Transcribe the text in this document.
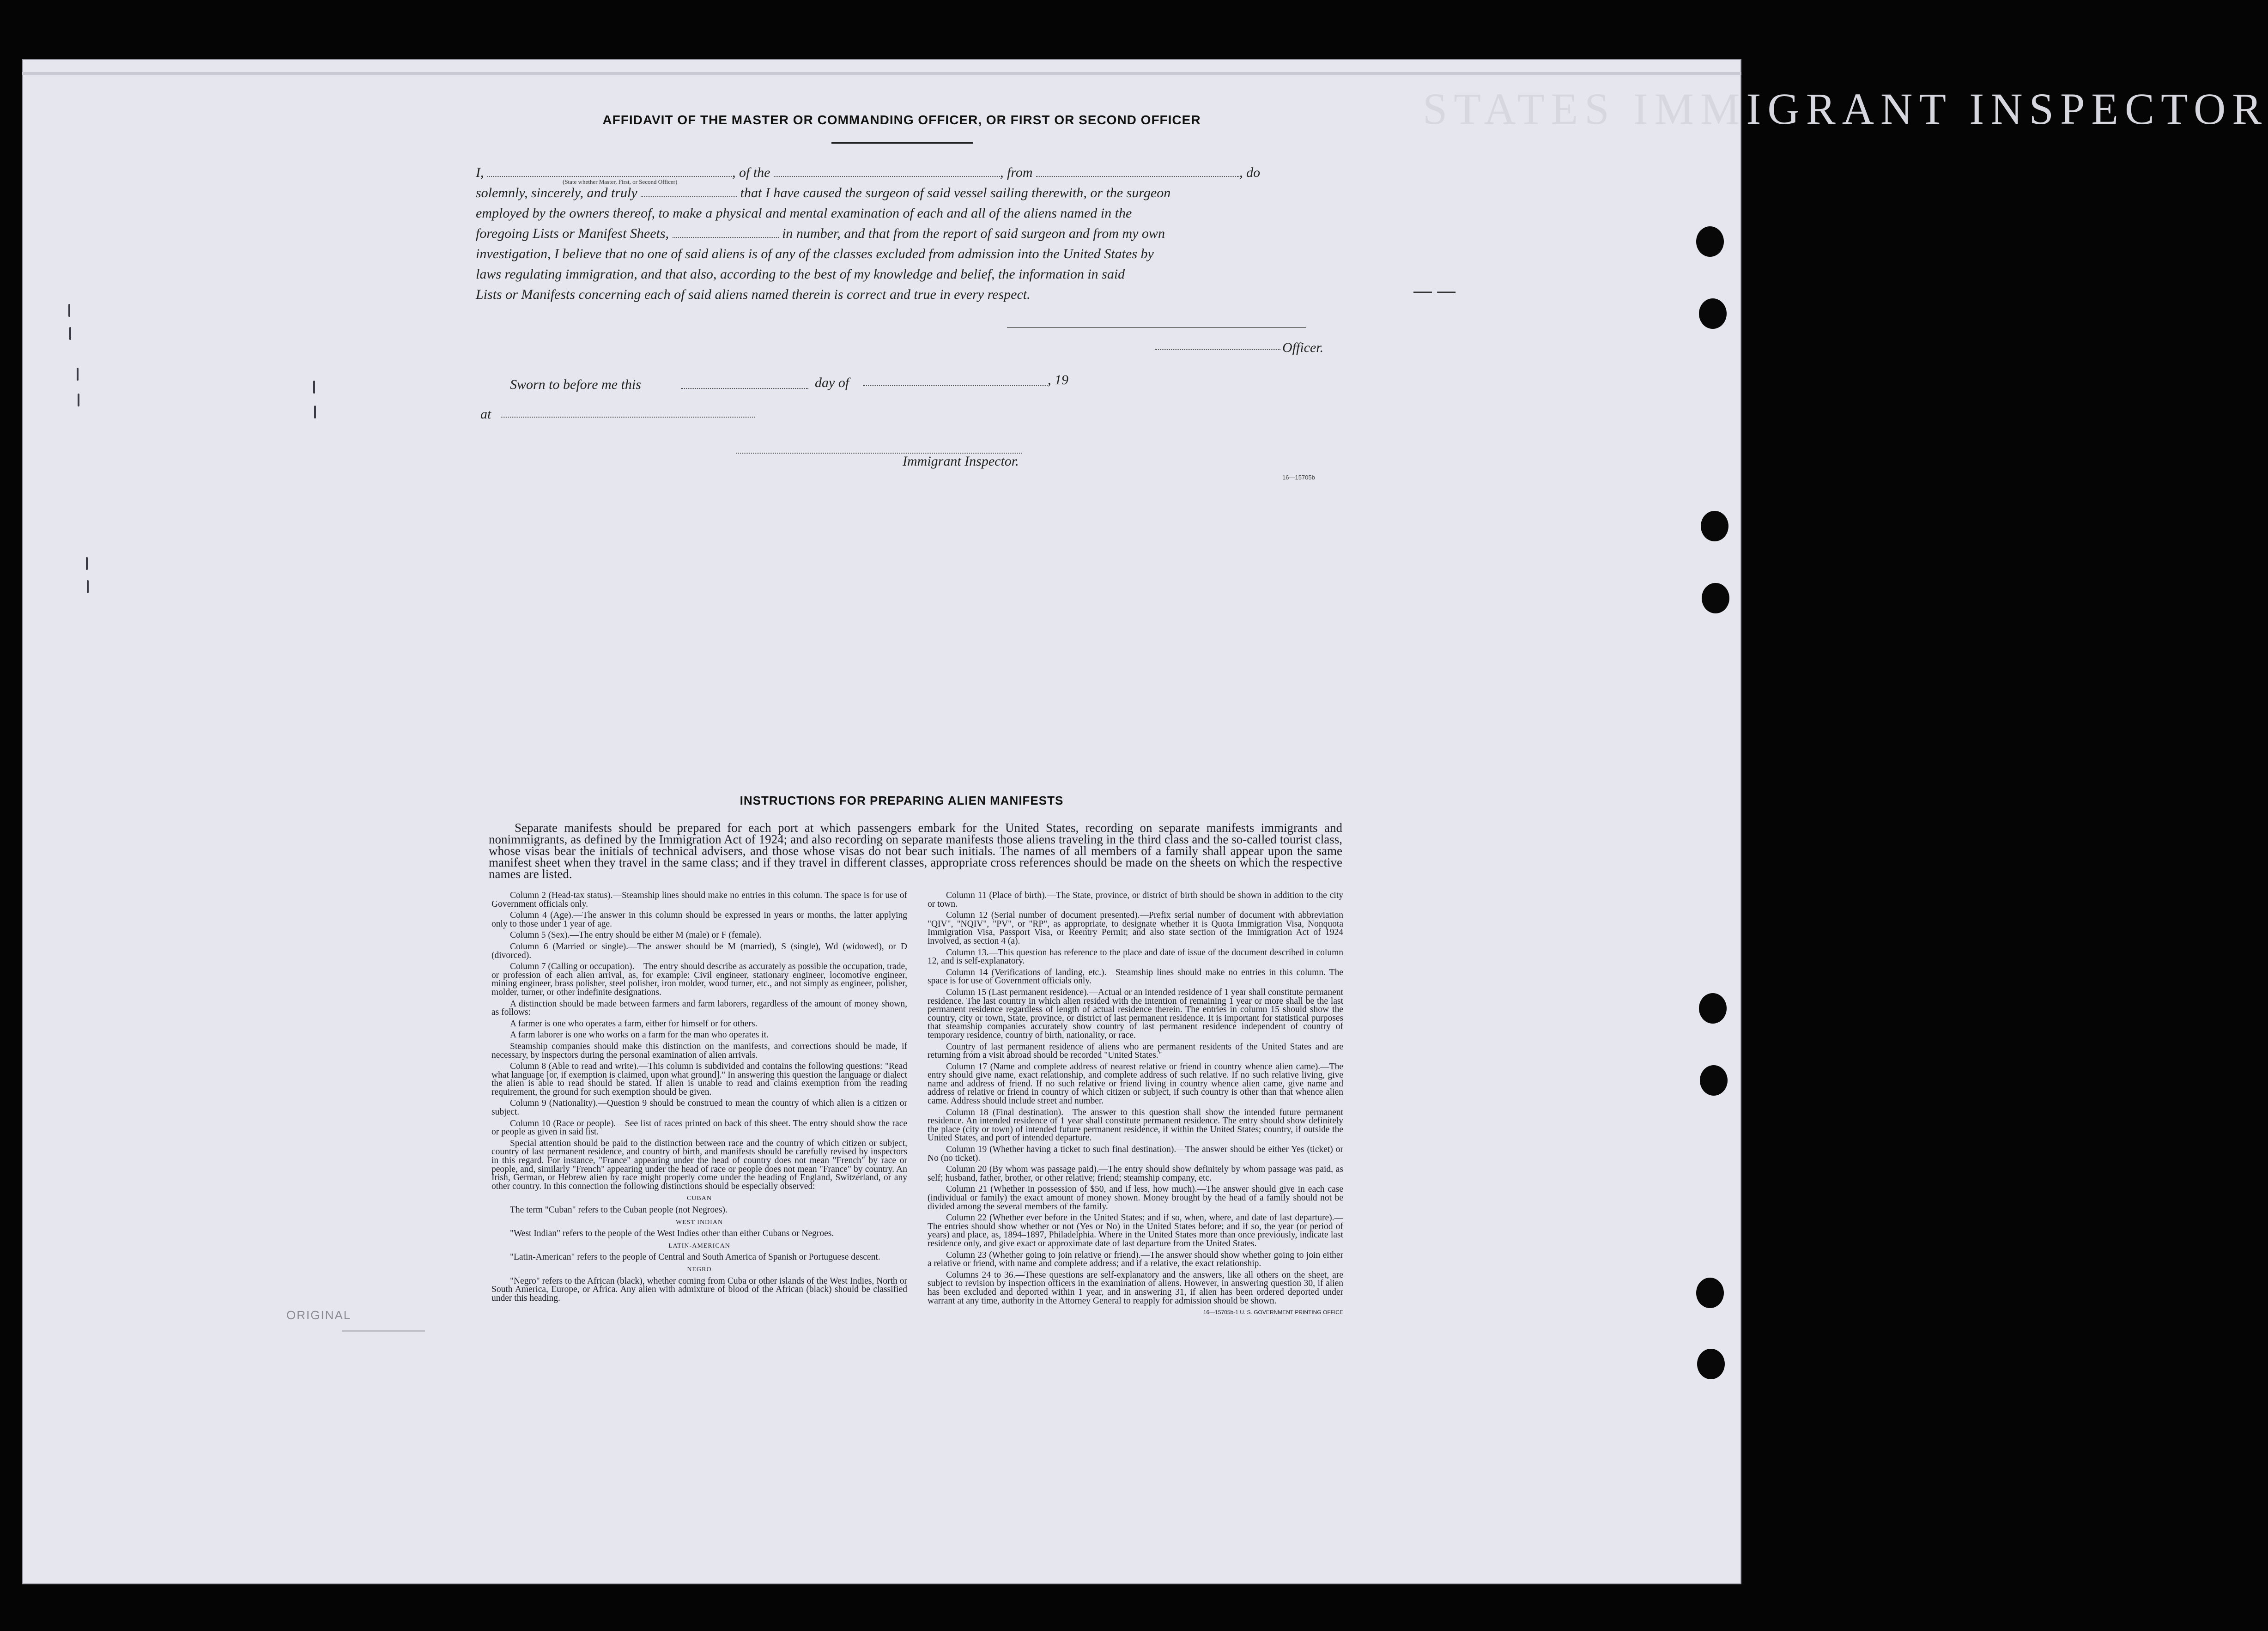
STATES IMMIGRANT INSPECTOR
— —
ORIGINAL
AFFIDAVIT OF THE MASTER OR COMMANDING OFFICER, OR FIRST OR SECOND OFFICER
I,	, of the	, from	, do
(State whether Master, First, or Second Officer)
solemnly, sincerely, and truly	that I have caused the surgeon of said vessel sailing therewith, or the surgeon
employed by the owners thereof, to make a physical and mental examination of each and all of the aliens named in the
foregoing Lists or Manifest Sheets,	in number, and that from the report of said surgeon and from my own
investigation, I believe that no one of said aliens is of any of the classes excluded from admission into the United States by
laws regulating immigration, and that also, according to the best of my knowledge and belief, the information in said
Lists or Manifests concerning each of said aliens named therein is correct and true in every respect.
Officer.
Sworn to before me this	day of	, 19
at
Immigrant Inspector.
16—15705b
INSTRUCTIONS FOR PREPARING ALIEN MANIFESTS
Separate manifests should be prepared for each port at which passengers embark for the United States, recording on separate manifests immigrants and nonimmigrants, as defined by the Immigration Act of 1924; and also recording on separate manifests those aliens traveling in the third class and the so-called tourist class, whose visas bear the initials of technical advisers, and those whose visas do not bear such initials. The names of all members of a family shall appear upon the same manifest sheet when they travel in the same class; and if they travel in different classes, appropriate cross references should be made on the sheets on which the respective names are listed.

Column 2 (Head-tax status).—Steamship lines should make no entries in this column. The space is for use of Government officials only.

Column 4 (Age).—The answer in this column should be expressed in years or months, the latter applying only to those under 1 year of age.

Column 5 (Sex).—The entry should be either M (male) or F (female).

Column 6 (Married or single).—The answer should be M (married), S (single), Wd (widowed), or D (divorced).

Column 7 (Calling or occupation).—The entry should describe as accurately as possible the occupation, trade, or profession of each alien arrival, as, for example: Civil engineer, stationary engineer, locomotive engineer, mining engineer, brass polisher, steel polisher, iron molder, wood turner, etc., and not simply as engineer, polisher, molder, turner, or other indefinite designations.

A distinction should be made between farmers and farm laborers, regardless of the amount of money shown, as follows:

A farmer is one who operates a farm, either for himself or for others.

A farm laborer is one who works on a farm for the man who operates it.

Steamship companies should make this distinction on the manifests, and corrections should be made, if necessary, by inspectors during the personal examination of alien arrivals.

Column 8 (Able to read and write).—This column is subdivided and contains the following questions: "Read what language [or, if exemption is claimed, upon what ground]." In answering this question the language or dialect the alien is able to read should be stated. If alien is unable to read and claims exemption from the reading requirement, the ground for such exemption should be given.

Column 9 (Nationality).—Question 9 should be construed to mean the country of which alien is a citizen or subject.

Column 10 (Race or people).—See list of races printed on back of this sheet. The entry should show the race or people as given in said list.

Special attention should be paid to the distinction between race and the country of which citizen or subject, country of last permanent residence, and country of birth, and manifests should be carefully revised by inspectors in this regard. For instance, "France" appearing under the head of country does not mean "French" by race or people, and, similarly "French" appearing under the head of race or people does not mean "France" by country. An Irish, German, or Hebrew alien by race might properly come under the heading of England, Switzerland, or any other country. In this connection the following distinctions should be especially observed:

CUBAN

The term "Cuban" refers to the Cuban people (not Negroes).

WEST INDIAN

"West Indian" refers to the people of the West Indies other than either Cubans or Negroes.

LATIN-AMERICAN

"Latin-American" refers to the people of Central and South America of Spanish or Portuguese descent.

NEGRO

"Negro" refers to the African (black), whether coming from Cuba or other islands of the West Indies, North or South America, Europe, or Africa. Any alien with admixture of blood of the African (black) should be classified under this heading.

Column 11 (Place of birth).—The State, province, or district of birth should be shown in addition to the city or town.

Column 12 (Serial number of document presented).—Prefix serial number of document with abbreviation "QIV", "NQIV", "PV", or "RP", as appropriate, to designate whether it is Quota Immigration Visa, Nonquota Immigration Visa, Passport Visa, or Reentry Permit; and also state section of the Immigration Act of 1924 involved, as section 4 (a).

Column 13.—This question has reference to the place and date of issue of the document described in column 12, and is self-explanatory.

Column 14 (Verifications of landing, etc.).—Steamship lines should make no entries in this column. The space is for use of Government officials only.

Column 15 (Last permanent residence).—Actual or an intended residence of 1 year shall constitute permanent residence. The last country in which alien resided with the intention of remaining 1 year or more shall be the last permanent residence regardless of length of actual residence therein. The entries in column 15 should show the country, city or town, State, province, or district of last permanent residence. It is important for statistical purposes that steamship companies accurately show country of last permanent residence independent of country of temporary residence, country of birth, nationality, or race.

Country of last permanent residence of aliens who are permanent residents of the United States and are returning from a visit abroad should be recorded "United States."

Column 17 (Name and complete address of nearest relative or friend in country whence alien came).—The entry should give name, exact relationship, and complete address of such relative. If no such relative living, give name and address of friend. If no such relative or friend living in country whence alien came, give name and address of relative or friend in country of which citizen or subject, if such country is other than that whence alien came. Address should include street and number.

Column 18 (Final destination).—The answer to this question shall show the intended future permanent residence. An intended residence of 1 year shall constitute permanent residence. The entry should show definitely the place (city or town) of intended future permanent residence, if within the United States; country, if outside the United States, and port of intended departure.

Column 19 (Whether having a ticket to such final destination).—The answer should be either Yes (ticket) or No (no ticket).

Column 20 (By whom was passage paid).—The entry should show definitely by whom passage was paid, as self; husband, father, brother, or other relative; friend; steamship company, etc.

Column 21 (Whether in possession of $50, and if less, how much).—The answer should give in each case (individual or family) the exact amount of money shown. Money brought by the head of a family should not be divided among the several members of the family.

Column 22 (Whether ever before in the United States; and if so, when, where, and date of last departure).—The entries should show whether or not (Yes or No) in the United States before; and if so, the year (or period of years) and place, as, 1894–1897, Philadelphia. Where in the United States more than once previously, indicate last residence only, and give exact or approximate date of last departure from the United States.

Column 23 (Whether going to join relative or friend).—The answer should show whether going to join either a relative or friend, with name and complete address; and if a relative, the exact relationship.

Columns 24 to 36.—These questions are self-explanatory and the answers, like all others on the sheet, are subject to revision by inspection officers in the examination of aliens. However, in answering question 30, if alien has been excluded and deported within 1 year, and in answering 31, if alien has been ordered deported under warrant at any time, authority in the Attorney General to reapply for admission should be shown.

16—15705b-1 U. S. GOVERNMENT PRINTING OFFICE
